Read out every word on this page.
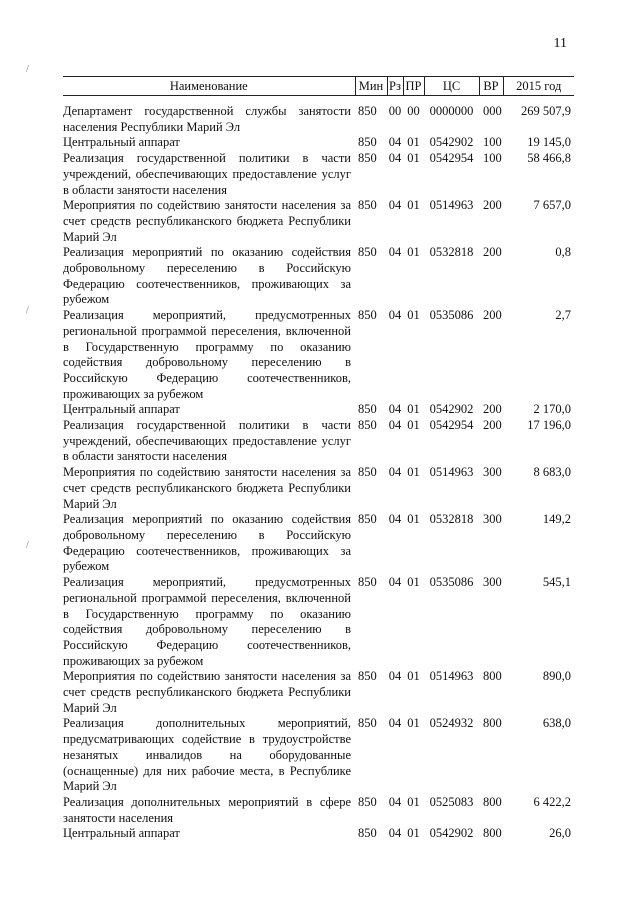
11
/
/
/
Наименование	Мин	Рз	ПР	ЦС	ВР	2015 год
Департамент государственной службы занятости населения Республики Марий Эл	850	00	00	0000000	000	269 507,9
Центральный аппарат	850	04	01	0542902	100	19 145,0
Реализация государственной политики в части учреждений, обеспечивающих предоставление услуг в области занятости населения	850	04	01	0542954	100	58 466,8
Мероприятия по содействию занятости населения за счет средств республиканского бюджета Республики Марий Эл	850	04	01	0514963	200	7 657,0
Реализация мероприятий по оказанию содействия добровольному переселению в Российскую Федерацию соотечественников, проживающих за рубежом	850	04	01	0532818	200	0,8
Реализация мероприятий, предусмотренных региональной программой переселения, включенной в Государственную программу по оказанию содействия добровольному переселению в Российскую Федерацию соотечественников, проживающих за рубежом	850	04	01	0535086	200	2,7
Центральный аппарат	850	04	01	0542902	200	2 170,0
Реализация государственной политики в части учреждений, обеспечивающих предоставление услуг в области занятости населения	850	04	01	0542954	200	17 196,0
Мероприятия по содействию занятости населения за счет средств республиканского бюджета Республики Марий Эл	850	04	01	0514963	300	8 683,0
Реализация мероприятий по оказанию содействия добровольному переселению в Российскую Федерацию соотечественников, проживающих за рубежом	850	04	01	0532818	300	149,2
Реализация мероприятий, предусмотренных региональной программой переселения, включенной в Государственную программу по оказанию содействия добровольному переселению в Российскую Федерацию соотечественников, проживающих за рубежом	850	04	01	0535086	300	545,1
Мероприятия по содействию занятости населения за счет средств республиканского бюджета Республики Марий Эл	850	04	01	0514963	800	890,0
Реализация дополнительных мероприятий, предусматривающих содействие в трудоустройстве незанятых инвалидов на оборудованные (оснащенные) для них рабочие места, в Республике Марий Эл	850	04	01	0524932	800	638,0
Реализация дополнительных мероприятий в сфере занятости населения	850	04	01	0525083	800	6 422,2
Центральный аппарат	850	04	01	0542902	800	26,0
